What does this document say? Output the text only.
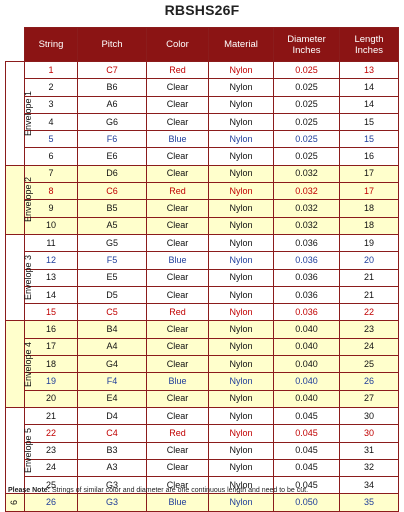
RBSHS26F
	String	Pitch	Color	Material	Diameter Inches	Length Inches
Envelope 1	1	C7	Red	Nylon	0.025	13
	2	B6	Clear	Nylon	0.025	14
	3	A6	Clear	Nylon	0.025	14
	4	G6	Clear	Nylon	0.025	15
	5	F6	Blue	Nylon	0.025	15
	6	E6	Clear	Nylon	0.025	16
Envelope 2	7	D6	Clear	Nylon	0.032	17
	8	C6	Red	Nylon	0.032	17
	9	B5	Clear	Nylon	0.032	18
	10	A5	Clear	Nylon	0.032	18
Envelope 3	11	G5	Clear	Nylon	0.036	19
	12	F5	Blue	Nylon	0.036	20
	13	E5	Clear	Nylon	0.036	21
	14	D5	Clear	Nylon	0.036	21
	15	C5	Red	Nylon	0.036	22
Envelope 4	16	B4	Clear	Nylon	0.040	23
	17	A4	Clear	Nylon	0.040	24
	18	G4	Clear	Nylon	0.040	25
	19	F4	Blue	Nylon	0.040	26
	20	E4	Clear	Nylon	0.040	27
Envelope 5	21	D4	Clear	Nylon	0.045	30
	22	C4	Red	Nylon	0.045	30
	23	B3	Clear	Nylon	0.045	31
	24	A3	Clear	Nylon	0.045	32
	25	G3	Clear	Nylon	0.045	34
6	26	G3	Blue	Nylon	0.050	35
Please Note: Strings of similar color and diameter are one continuous length and need to be cut.
